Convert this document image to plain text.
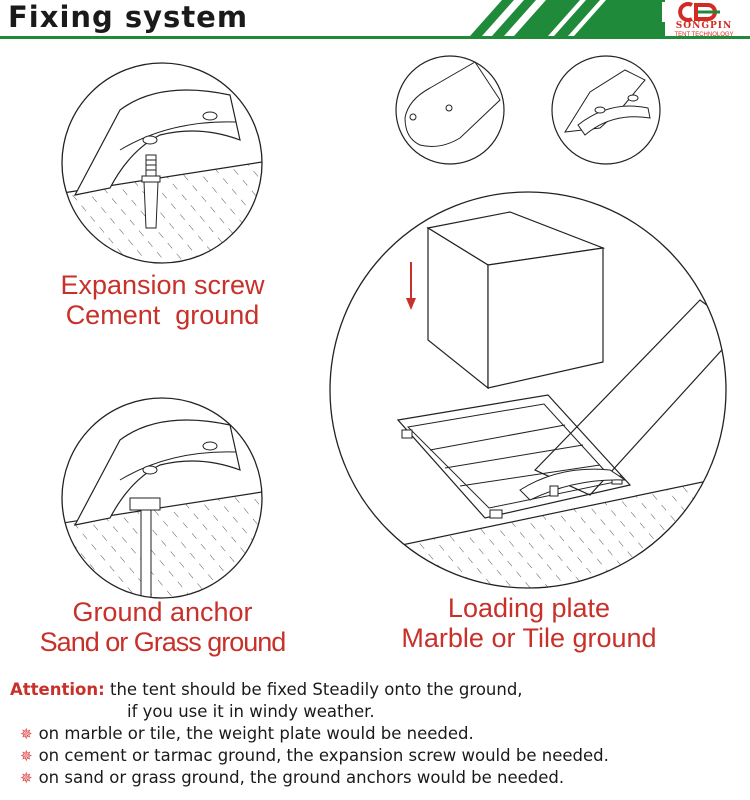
Fixing system	SONGPIN
TENT TECHNOLOGY
Expansion screw
Cement  ground
Ground anchor
Sand or Grass ground
Loading plate
Marble or Tile ground
Attention: the tent should be fixed Steadily onto the ground,
if you use it in windy weather.
✵ on marble or tile, the weight plate would be needed.
✵ on cement or tarmac ground, the expansion screw would be needed.
✵ on sand or grass ground, the ground anchors would be needed.
